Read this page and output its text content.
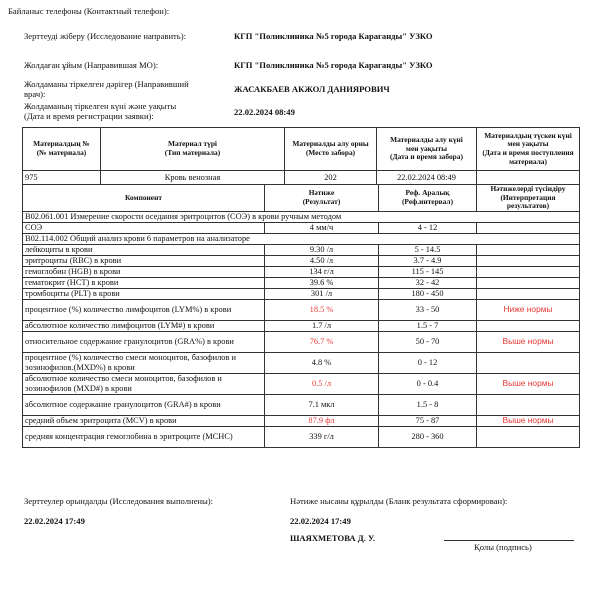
Байланыс телефоны (Контактный телефон):
Зерттеуді жіберу (Исследование направить):	КГП "Поликлиника №5 города Караганды" УЗКО
Жолдаған ұйым (Направившая МО):	КГП "Поликлиника №5 города Караганды" УЗКО
Жолдаманы тіркелген дәрігер (Направивший
врач):	ЖАСАКБАЕВ АКЖОЛ ДАНИЯРОВИЧ
Жолдаманың тіркелген күні және уақыты
(Дата и время регистрации заявки):	22.02.2024 08:49
Материалдың №
(№ материала)	Материал түрі
(Тип материала)	Материалды алу орны
(Место забора)	Материалды алу күні
мен уақыты
(Дата и время забора)	Материалдың түскен күні
мен уақыты
(Дата и время поступления
материала)
975	Кровь венозная	202	22.02.2024 08:49	
Компонент	Нәтиже
(Результат)	Реф. Аралық
(Реф.интервал)	Нәтижелерді түсіндіру
(Интерпретация результатов)
B02.061.001 Измерение скорости оседания эритроцитов (СОЭ) в крови ручным методом			
СОЭ	4 мм/ч	4 - 12	
B02.114.002 Общий анализ крови 6 параметров на анализаторе			
лейкоциты в крови	9.30 /л	5 - 14.5	
эритроциты (RBC) в крови	4.50 /л	3.7 - 4.9	
гемоглобин (HGB) в крови	134 г/л	115 - 145	
гематокрит (HCT) в крови	39.6 %	32 - 42	
тромбоциты (PLT) в крови	301 /л	180 - 450	
процентное (%) количество лимфоцитов (LYM%) в крови	18.5 %	33 - 50	Ниже нормы
абсолютное количество лимфоцитов (LYM#) в крови	1.7 /л	1.5 - 7	
относительное содержание гранулоцитов (GRA%) в крови	76.7 %	50 - 70	Выше нормы
процентное (%) количество смеси моноцитов, базофилов и эозинофилов.(MXD%) в крови	4.8 %	0 - 12	
абсолютное количество смеси моноцитов, базофилов и эозинофилов (MXD#) в крови	0.5 /л	0 - 0.4	Выше нормы
абсолютное содержание гранулоцитов (GRA#) в крови	7.1 мкл	1.5 - 8	
средний объем эритроцита (MCV) в крови	87.9 фл	75 - 87	Выше нормы
средняя концентрация гемоглобина в эритроците (MCHC)	339 г/л	280 - 360	
Зерттеулер орындалды (Исследования выполнены):
22.02.2024 17:49
Нәтиже нысаны құрылды (Бланк результата сформирован):
22.02.2024 17:49
ШАЯХМЕТОВА Д. У.
Қолы (подпись)
